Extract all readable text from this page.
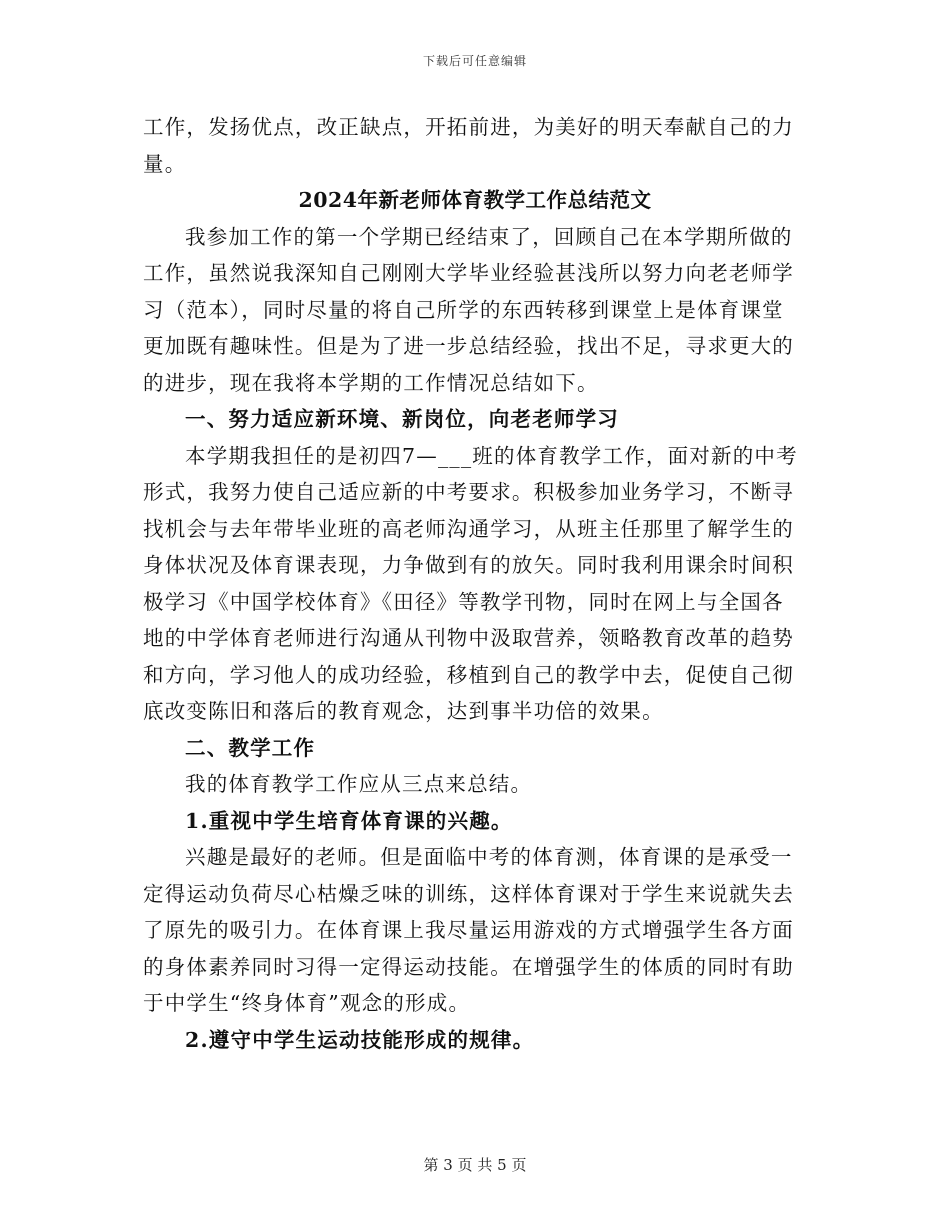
下载后可任意编辑
工作，发扬优点，改正缺点，开拓前进，为美好的明天奉献自己的力
量。
2024年新老师体育教学工作总结范文
我参加工作的第一个学期已经结束了，回顾自己在本学期所做的
工作，虽然说我深知自己刚刚大学毕业经验甚浅所以努力向老老师学
习（范本），同时尽量的将自己所学的东西转移到课堂上是体育课堂
更加既有趣味性。但是为了进一步总结经验，找出不足，寻求更大的
的进步，现在我将本学期的工作情况总结如下。
一、努力适应新环境、新岗位，向老老师学习
本学期我担任的是初四7—___班的体育教学工作，面对新的中考
形式，我努力使自己适应新的中考要求。积极参加业务学习，不断寻
找机会与去年带毕业班的高老师沟通学习，从班主任那里了解学生的
身体状况及体育课表现，力争做到有的放矢。同时我利用课余时间积
极学习《中国学校体育》《田径》等教学刊物，同时在网上与全国各
地的中学体育老师进行沟通从刊物中汲取营养，领略教育改革的趋势
和方向，学习他人的成功经验，移植到自己的教学中去，促使自己彻
底改变陈旧和落后的教育观念，达到事半功倍的效果。
二、教学工作
我的体育教学工作应从三点来总结。
1.重视中学生培育体育课的兴趣。
兴趣是最好的老师。但是面临中考的体育测，体育课的是承受一
定得运动负荷尽心枯燥乏味的训练，这样体育课对于学生来说就失去
了原先的吸引力。在体育课上我尽量运用游戏的方式增强学生各方面
的身体素养同时习得一定得运动技能。在增强学生的体质的同时有助
于中学生“终身体育”观念的形成。
2.遵守中学生运动技能形成的规律。
第 3 页 共 5 页
